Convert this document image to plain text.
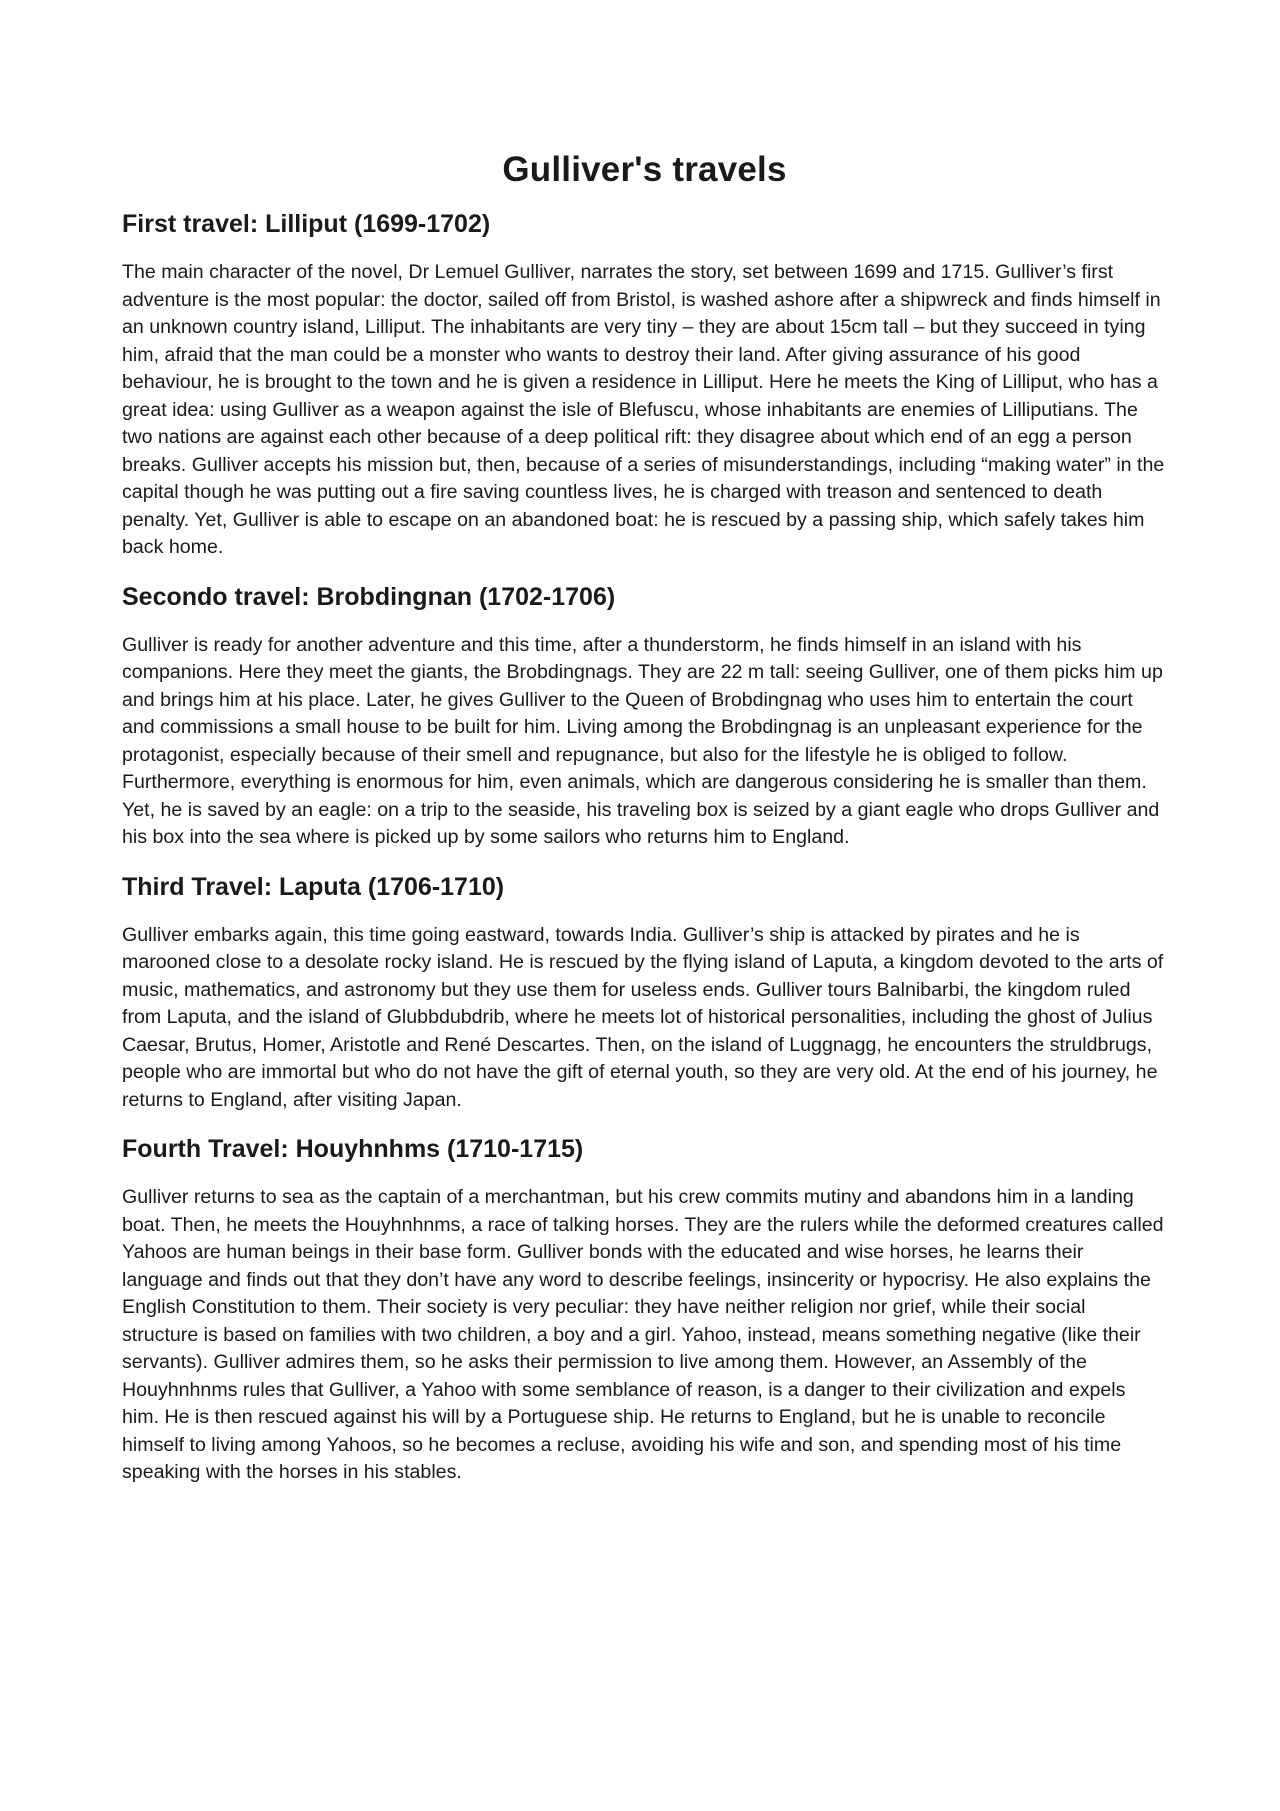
Gulliver's travels
First travel: Lilliput (1699-1702)

The main character of the novel, Dr Lemuel Gulliver, narrates the story, set between 1699 and 1715. Gulliver’s first adventure is the most popular: the doctor, sailed off from Bristol, is washed ashore after a shipwreck and finds himself in an unknown country island, Lilliput. The inhabitants are very tiny – they are about 15cm tall – but they succeed in tying him, afraid that the man could be a monster who wants to destroy their land. After giving assurance of his good behaviour, he is brought to the town and he is given a residence in Lilliput. Here he meets the King of Lilliput, who has a great idea: using Gulliver as a weapon against the isle of Blefuscu, whose inhabitants are enemies of Lilliputians. The two nations are against each other because of a deep political rift: they disagree about which end of an egg a person breaks. Gulliver accepts his mission but, then, because of a series of misunderstandings, including “making water” in the capital though he was putting out a fire saving countless lives, he is charged with treason and sentenced to death penalty. Yet, Gulliver is able to escape on an abandoned boat: he is rescued by a passing ship, which safely takes him back home.

Secondo travel: Brobdingnan (1702-1706)

Gulliver is ready for another adventure and this time, after a thunderstorm, he finds himself in an island with his companions. Here they meet the giants, the Brobdingnags. They are 22 m tall: seeing Gulliver, one of them picks him up and brings him at his place. Later, he gives Gulliver to the Queen of Brobdingnag who uses him to entertain the court and commissions a small house to be built for him. Living among the Brobdingnag is an unpleasant experience for the protagonist, especially because of their smell and repugnance, but also for the lifestyle he is obliged to follow. Furthermore, everything is enormous for him, even animals, which are dangerous considering he is smaller than them. Yet, he is saved by an eagle: on a trip to the seaside, his traveling box is seized by a giant eagle who drops Gulliver and his box into the sea where is picked up by some sailors who returns him to England.

Third Travel: Laputa (1706-1710)

Gulliver embarks again, this time going eastward, towards India. Gulliver’s ship is attacked by pirates and he is marooned close to a desolate rocky island. He is rescued by the flying island of Laputa, a kingdom devoted to the arts of music, mathematics, and astronomy but they use them for useless ends. Gulliver tours Balnibarbi, the kingdom ruled from Laputa, and the island of Glubbdubdrib, where he meets lot of historical personalities, including the ghost of Julius Caesar, Brutus, Homer, Aristotle and René Descartes. Then, on the island of Luggnagg, he encounters the struldbrugs, people who are immortal but who do not have the gift of eternal youth, so they are very old. At the end of his journey, he returns to England, after visiting Japan.

Fourth Travel: Houyhnhms (1710-1715)

Gulliver returns to sea as the captain of a merchantman, but his crew commits mutiny and abandons him in a landing boat. Then, he meets the Houyhnhnms, a race of talking horses. They are the rulers while the deformed creatures called Yahoos are human beings in their base form. Gulliver bonds with the educated and wise horses, he learns their language and finds out that they don’t have any word to describe feelings, insincerity or hypocrisy. He also explains the English Constitution to them. Their society is very peculiar: they have neither religion nor grief, while their social structure is based on families with two children, a boy and a girl. Yahoo, instead, means something negative (like their servants). Gulliver admires them, so he asks their permission to live among them. However, an Assembly of the Houyhnhnms rules that Gulliver, a Yahoo with some semblance of reason, is a danger to their civilization and expels him. He is then rescued against his will by a Portuguese ship. He returns to England, but he is unable to reconcile himself to living among Yahoos, so he becomes a recluse, avoiding his wife and son, and spending most of his time speaking with the horses in his stables.
